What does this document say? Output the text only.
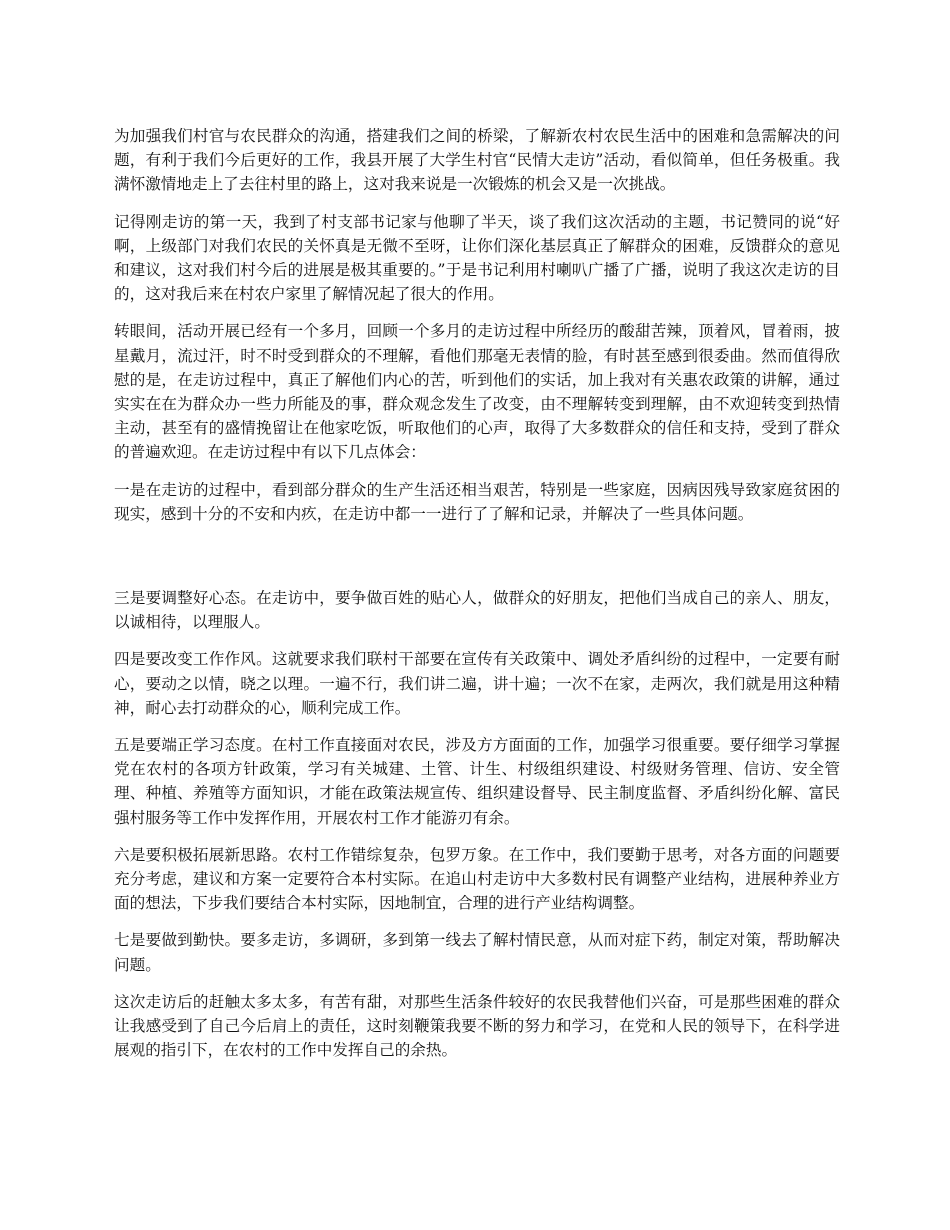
为加强我们村官与农民群众的沟通，搭建我们之间的桥梁，了解新农村农民生活中的困难和急需解决的问题，有利于我们今后更好的工作，我县开展了大学生村官“民情大走访”活动，看似简单，但任务极重。我满怀激情地走上了去往村里的路上，这对我来说是一次锻炼的机会又是一次挑战。

记得刚走访的第一天，我到了村支部书记家与他聊了半天，谈了我们这次活动的主题，书记赞同的说“好啊，上级部门对我们农民的关怀真是无微不至呀，让你们深化基层真正了解群众的困难，反馈群众的意见和建议，这对我们村今后的进展是极其重要的。”于是书记利用村喇叭广播了广播，说明了我这次走访的目的，这对我后来在村农户家里了解情况起了很大的作用。

转眼间，活动开展已经有一个多月，回顾一个多月的走访过程中所经历的酸甜苦辣，顶着风，冒着雨，披星戴月，流过汗，时不时受到群众的不理解，看他们那毫无表情的脸，有时甚至感到很委曲。然而值得欣慰的是，在走访过程中，真正了解他们内心的苦，听到他们的实话，加上我对有关惠农政策的讲解，通过实实在在为群众办一些力所能及的事，群众观念发生了改变，由不理解转变到理解，由不欢迎转变到热情主动，甚至有的盛情挽留让在他家吃饭，听取他们的心声，取得了大多数群众的信任和支持，受到了群众的普遍欢迎。在走访过程中有以下几点体会：

一是在走访的过程中，看到部分群众的生产生活还相当艰苦，特别是一些家庭，因病因残导致家庭贫困的现实，感到十分的不安和内疚，在走访中都一一进行了了解和记录，并解决了一些具体问题。

三是要调整好心态。在走访中，要争做百姓的贴心人，做群众的好朋友，把他们当成自己的亲人、朋友，以诚相待，以理服人。

四是要改变工作作风。这就要求我们联村干部要在宣传有关政策中、调处矛盾纠纷的过程中，一定要有耐心，要动之以情，晓之以理。一遍不行，我们讲二遍，讲十遍；一次不在家，走两次，我们就是用这种精神，耐心去打动群众的心，顺利完成工作。

五是要端正学习态度。在村工作直接面对农民，涉及方方面面的工作，加强学习很重要。要仔细学习掌握党在农村的各项方针政策，学习有关城建、土管、计生、村级组织建设、村级财务管理、信访、安全管理、种植、养殖等方面知识，才能在政策法规宣传、组织建设督导、民主制度监督、矛盾纠纷化解、富民强村服务等工作中发挥作用，开展农村工作才能游刃有余。

六是要积极拓展新思路。农村工作错综复杂，包罗万象。在工作中，我们要勤于思考，对各方面的问题要充分考虑，建议和方案一定要符合本村实际。在追山村走访中大多数村民有调整产业结构，进展种养业方面的想法，下步我们要结合本村实际，因地制宜，合理的进行产业结构调整。

七是要做到勤快。要多走访，多调研，多到第一线去了解村情民意，从而对症下药，制定对策，帮助解决问题。

这次走访后的赶触太多太多，有苦有甜，对那些生活条件较好的农民我替他们兴奋，可是那些困难的群众让我感受到了自己今后肩上的责任，这时刻鞭策我要不断的努力和学习，在党和人民的领导下，在科学进展观的指引下，在农村的工作中发挥自己的余热。
